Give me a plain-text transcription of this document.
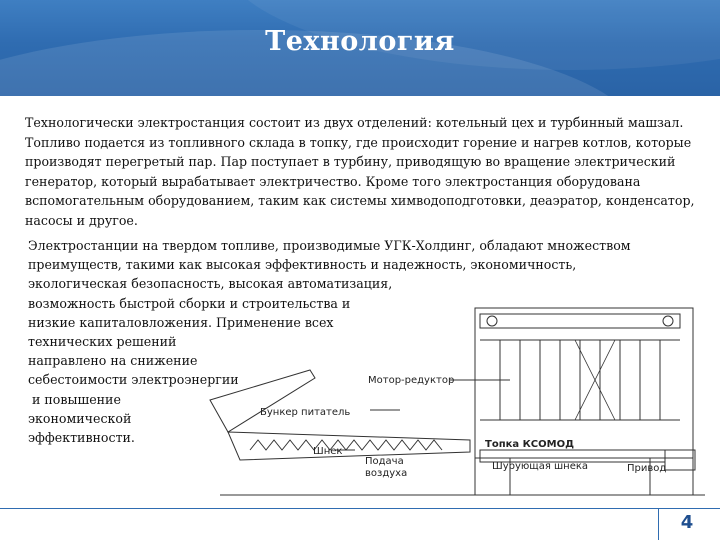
Технология
Технологически электростанция состоит из двух отделений: котельный цех и турбинный машзал. Топливо подается из топливного склада в топку, где происходит горение и нагрев котлов, которые производят перегретый пар. Пар поступает в турбину, приводящую во вращение электрический генератор, который вырабатывает электричество. Кроме того электростанция оборудована вспомогательным оборудованием, таким как системы химводоподготовки, деаэратор, конденсатор, насосы и другое.
Электростанции на твердом топливе, производимые УГК-Холдинг, обладают множеством
преимуществ, такими как высокая эффективность и надежность, экономичность,
экологическая безопасность, высокая автоматизация,
возможность быстрой сборки и строительства и
низкие капиталовложения. Применение всех
технических решений
направлено на снижение
себестоимости электроэнергии
и повышение
экономической
эффективности.
Мотор-редуктор
Бункер питатель
Шнек
Подача
воздуха
Топка КСОМОД
Шурующая шнека	Привод
4
